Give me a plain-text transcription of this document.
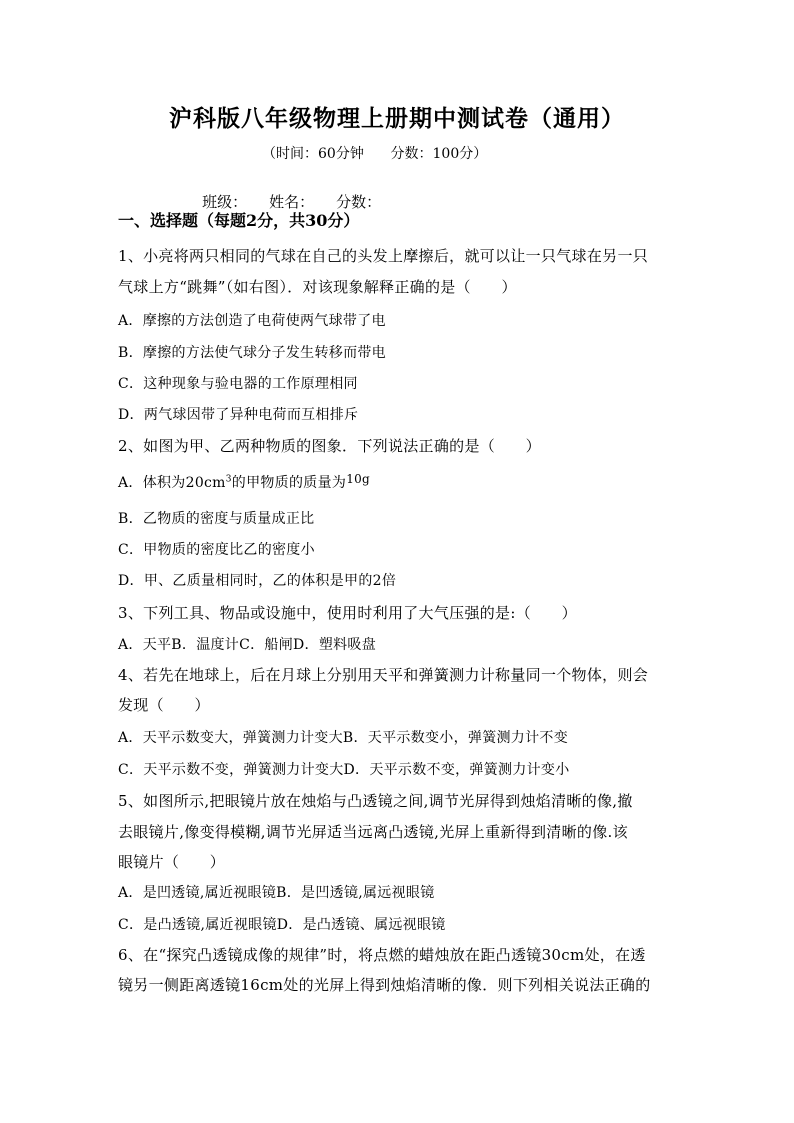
沪科版八年级物理上册期中测试卷（通用）
（时间：60分钟      分数：100分）

班级： 姓名： 分数：

一、选择题（每题2分，共30分）
1、小亮将两只相同的气球在自己的头发上摩擦后，就可以让一只气球在另一只
气球上方“跳舞”（如右图）．对该现象解释正确的是（　　）
A．摩擦的方法创造了电荷使两气球带了电
B．摩擦的方法使气球分子发生转移而带电
C．这种现象与验电器的工作原理相同
D．两气球因带了异种电荷而互相排斥
2、如图为甲、乙两种物质的图象．下列说法正确的是（　　）
A．体积为$20cm^3$的甲物质的质量为10g
B．乙物质的密度与质量成正比
C．甲物质的密度比乙的密度小
D．甲、乙质量相同时，乙的体积是甲的2倍
3、下列工具、物品或设施中，使用时利用了大气压强的是:（　　）
A．天平B．温度计C．船闸D．塑料吸盘
4、若先在地球上，后在月球上分别用天平和弹簧测力计称量同一个物体，则会
发现（　　）
A．天平示数变大，弹簧测力计变大B．天平示数变小，弹簧测力计不变
C．天平示数不变，弹簧测力计变大D．天平示数不变，弹簧测力计变小
5、如图所示,把眼镜片放在烛焰与凸透镜之间,调节光屏得到烛焰清晰的像,撤
去眼镜片,像变得模糊,调节光屏适当远离凸透镜,光屏上重新得到清晰的像.该
眼镜片（　　）
A．是凹透镜,属近视眼镜B．是凹透镜,属远视眼镜
C．是凸透镜,属近视眼镜D．是凸透镜、属远视眼镜
6、在“探究凸透镜成像的规律”时，将点燃的蜡烛放在距凸透镜30cm处，在透
镜另一侧距离透镜16cm处的光屏上得到烛焰清晰的像．则下列相关说法正确的
